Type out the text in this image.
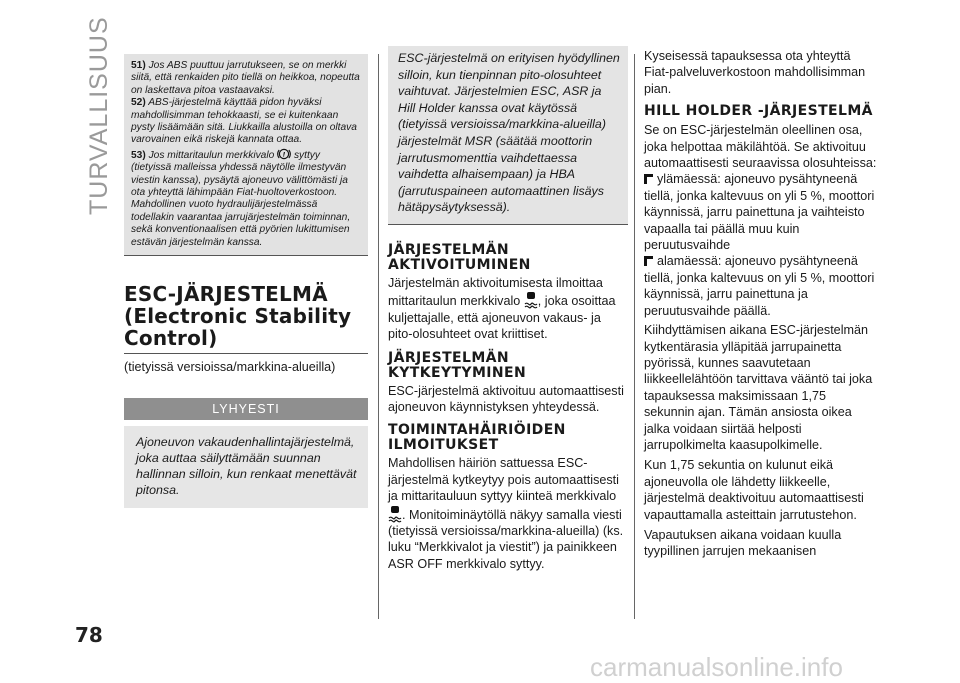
TURVALLISUUS 51) Jos ABS puuttuu jarrutukseen, se on merkki siitä, että renkaiden pito tiellä on heikkoa, nopeutta on laskettava pitoa vastaavaksi.

52) ABS-järjestelmä käyttää pidon hyväksi mahdollisimman tehokkaasti, se ei kuitenkaan pysty lisäämään sitä. Liukkailla alustoilla on oltava varovainen eikä riskejä kannata ottaa.

53) Jos mittaritaulun merkkivalo ! syttyy (tietyissä malleissa yhdessä näytölle ilmestyvän viestin kanssa), pysäytä ajoneuvo välittömästi ja ota yhteyttä lähimpään Fiat-huoltoverkostoon. Mahdollinen vuoto hydraulijärjestelmässä todellakin vaarantaa jarrujärjestelmän toiminnan, sekä konventionaalisen että pyörien lukittumisen estävän järjestelmän kanssa.

ESC-JÄRJESTELMÄ (Electronic Stability Control)

(tietyissä versioissa/markkina-alueilla)

LYHYESTI
Ajoneuvon vakaudenhallintajärjestelmä, joka auttaa säilyttämään suunnan hallinnan silloin, kun renkaat menettävät pitonsa.
ESC-järjestelmä on erityisen hyödyllinen silloin, kun tienpinnan pito-olosuhteet vaihtuvat. Järjestelmien ESC, ASR ja Hill Holder kanssa ovat käytössä (tietyissä versioissa/markkina-alueilla) järjestelmät MSR (säätää moottorin jarrutusmomenttia vaihdettaessa vaihdetta alhaisempaan) ja HBA (jarrutuspaineen automaattinen lisäys hätäpysäytyksessä).
JÄRJESTELMÄN AKTIVOITUMINEN

Järjestelmän aktivoitumisesta ilmoittaa mittaritaulun merkkivalo , joka osoittaa kuljettajalle, että ajoneuvon vakaus- ja pito-olosuhteet ovat kriittiset.

JÄRJESTELMÄN KYTKEYTYMINEN

ESC-järjestelmä aktivoituu automaattisesti ajoneuvon käynnistyksen yhteydessä.

TOIMINTAHÄIRIÖIDEN ILMOITUKSET

Mahdollisen häiriön sattuessa ESC-järjestelmä kytkeytyy pois automaattisesti ja mittaritauluun syttyy kiinteä merkkivalo . Monitoiminäytöllä näkyy samalla viesti (tietyissä versioissa/markkina-alueilla) (ks. luku “Merkkivalot ja viestit”) ja painikkeen ASR OFF merkkivalo syttyy.

Kyseisessä tapauksessa ota yhteyttä Fiat-palveluverkostoon mahdollisimman pian.

HILL HOLDER -JÄRJESTELMÄ

Se on ESC-järjestelmän oleellinen osa, joka helpottaa mäkilähtöä. Se aktivoituu automaattisesti seuraavissa olosuhteissa:

ylämäessä: ajoneuvo pysähtyneenä tiellä, jonka kaltevuus on yli 5 %, moottori käynnissä, jarru painettuna ja vaihteisto vapaalla tai päällä muu kuin peruutusvaihde

alamäessä: ajoneuvo pysähtyneenä tiellä, jonka kaltevuus on yli 5 %, moottori käynnissä, jarru painettuna ja peruutusvaihde päällä.

Kiihdyttämisen aikana ESC-järjestelmän kytkentärasia ylläpitää jarrupainetta pyörissä, kunnes saavutetaan liikkeellelähtöön tarvittava vääntö tai joka tapauksessa maksimissaan 1,75 sekunnin ajan. Tämän ansiosta oikea jalka voidaan siirtää helposti jarrupolkimelta kaasupolkimelle.

Kun 1,75 sekuntia on kulunut eikä ajoneuvolla ole lähdetty liikkeelle, järjestelmä deaktivoituu automaattisesti vapauttamalla asteittain jarrutustehon.

Vapautuksen aikana voidaan kuulla tyypillinen jarrujen mekaanisen

78
carmanualsonline.info
